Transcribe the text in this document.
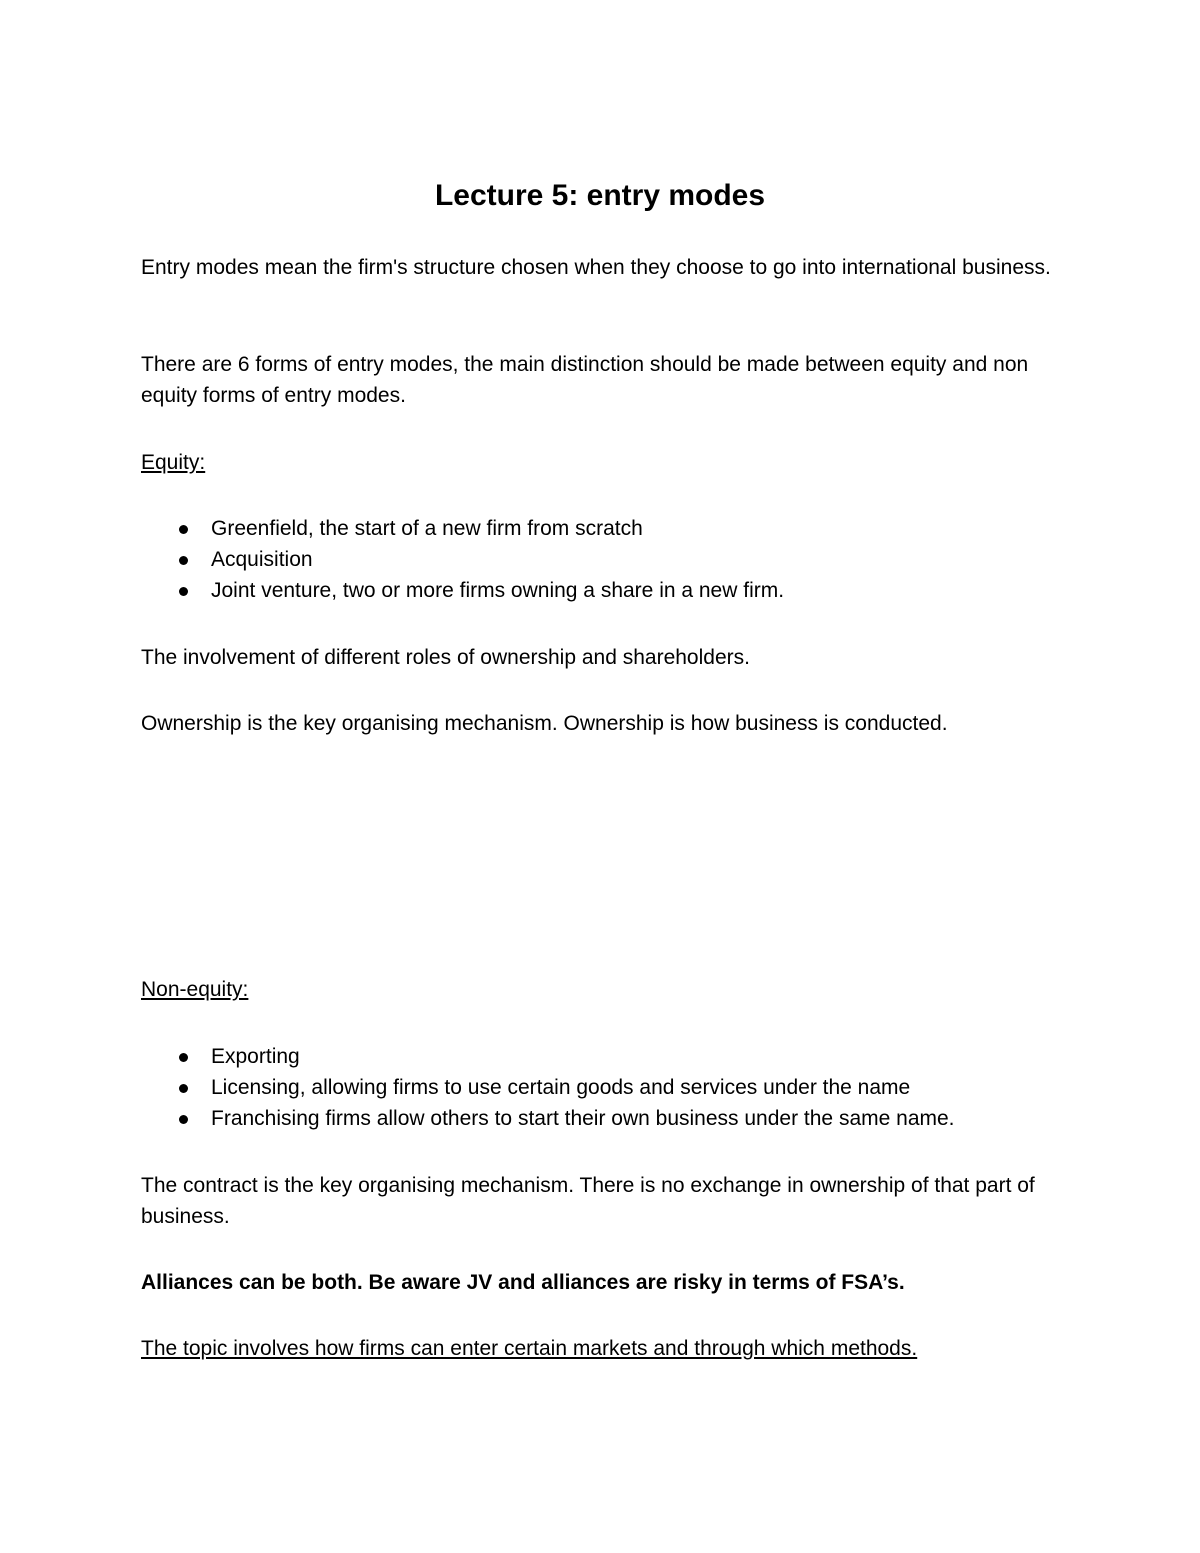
Lecture 5: entry modes

Entry modes mean the firm's structure chosen when they choose to go into international business.

There are 6 forms of entry modes, the main distinction should be made between equity and non equity forms of entry modes.

Equity:

Greenfield, the start of a new firm from scratch
Acquisition
Joint venture, two or more firms owning a share in a new firm.

The involvement of different roles of ownership and shareholders.

Ownership is the key organising mechanism. Ownership is how business is conducted.

Non-equity:

Exporting
Licensing, allowing firms to use certain goods and services under the name
Franchising firms allow others to start their own business under the same name.

The contract is the key organising mechanism. There is no exchange in ownership of that part of business.

Alliances can be both. Be aware JV and alliances are risky in terms of FSA’s.

The topic involves how firms can enter certain markets and through which methods.
